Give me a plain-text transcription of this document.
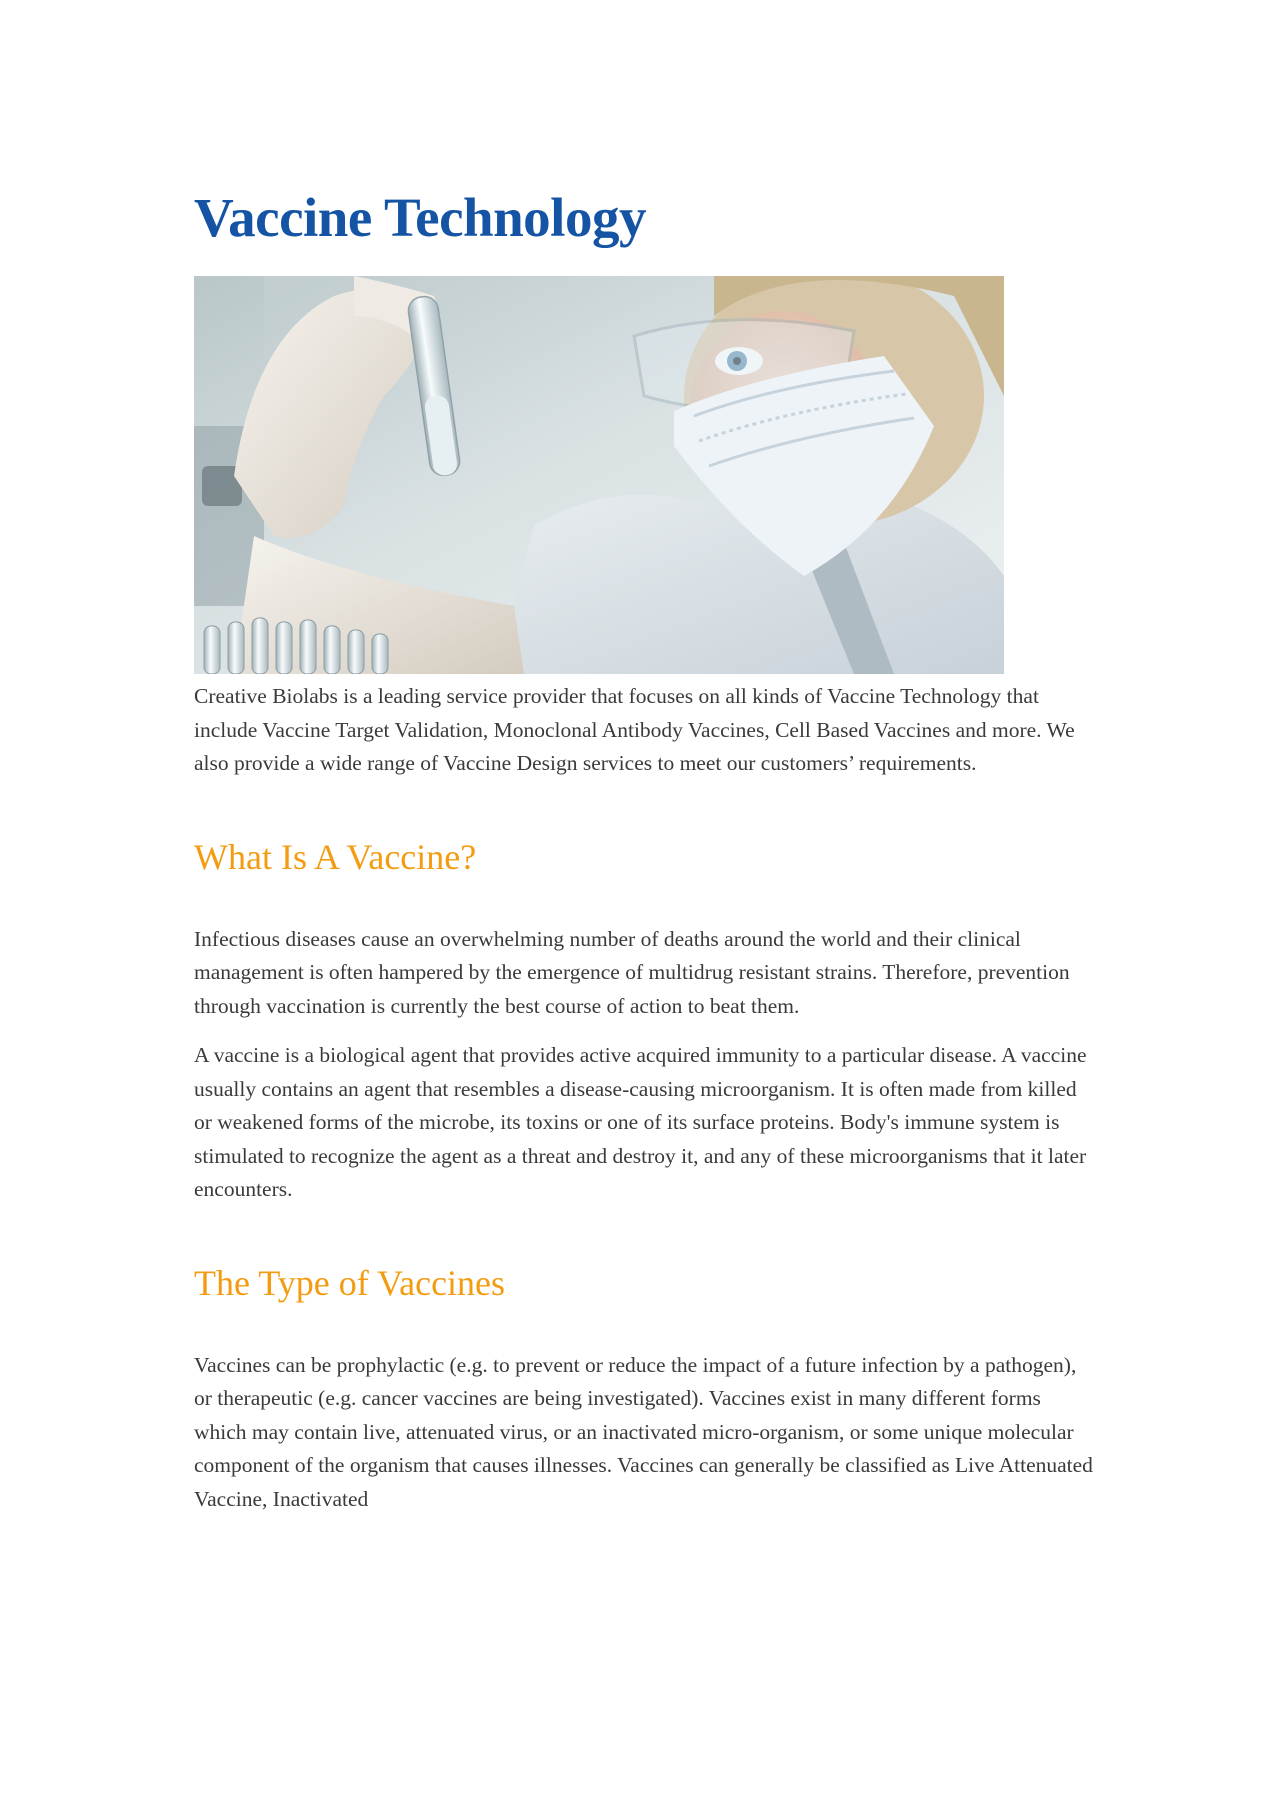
Vaccine Technology

Creative Biolabs is a leading service provider that focuses on all kinds of Vaccine Technology that include Vaccine Target Validation, Monoclonal Antibody Vaccines, Cell Based Vaccines and more. We also provide a wide range of Vaccine Design services to meet our customers’ requirements.

What Is A Vaccine?

Infectious diseases cause an overwhelming number of deaths around the world and their clinical management is often hampered by the emergence of multidrug resistant strains. Therefore, prevention through vaccination is currently the best course of action to beat them.

A vaccine is a biological agent that provides active acquired immunity to a particular disease. A vaccine usually contains an agent that resembles a disease-causing microorganism. It is often made from killed or weakened forms of the microbe, its toxins or one of its surface proteins. Body's immune system is stimulated to recognize the agent as a threat and destroy it, and any of these microorganisms that it later encounters.

The Type of Vaccines

Vaccines can be prophylactic (e.g. to prevent or reduce the impact of a future infection by a pathogen), or therapeutic (e.g. cancer vaccines are being investigated). Vaccines exist in many different forms which may contain live, attenuated virus, or an inactivated micro-organism, or some unique molecular component of the organism that causes illnesses. Vaccines can generally be classified as Live Attenuated Vaccine, Inactivated
